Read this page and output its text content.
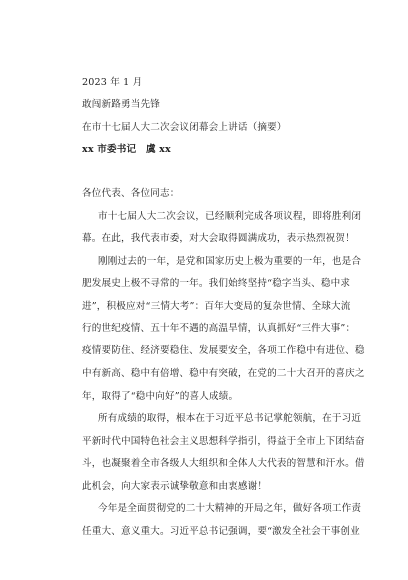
2023 年 1 月
敢闯新路勇当先锋
在市十七届人大二次会议闭幕会上讲话（摘要）
xx 市委书记　虞 xx
各位代表、各位同志：
市十七届人大二次会议，已经顺利完成各项议程，即将胜利闭
幕。在此，我代表市委，对大会取得圆满成功，表示热烈祝贺！
刚刚过去的一年，是党和国家历史上极为重要的一年，也是合
肥发展史上极不寻常的一年。我们始终坚持“稳字当头、稳中求
进”，积极应对“三情大考”：百年大变局的复杂世情、全球大流
行的世纪疫情、五十年不遇的高温旱情，认真抓好“三件大事”：
疫情要防住、经济要稳住、发展要安全，各项工作稳中有进位、稳
中有新高、稳中有倍增、稳中有突破，在党的二十大召开的喜庆之
年，取得了“稳中向好”的喜人成绩。
所有成绩的取得，根本在于习近平总书记掌舵领航，在于习近
平新时代中国特色社会主义思想科学指引，得益于全市上下团结奋
斗，也凝聚着全市各级人大组织和全体人大代表的智慧和汗水。借
此机会，向大家表示诚挚敬意和由衷感谢！
今年是全面贯彻党的二十大精神的开局之年，做好各项工作责
任重大、意义重大。习近平总书记强调，要“激发全社会干事创业
